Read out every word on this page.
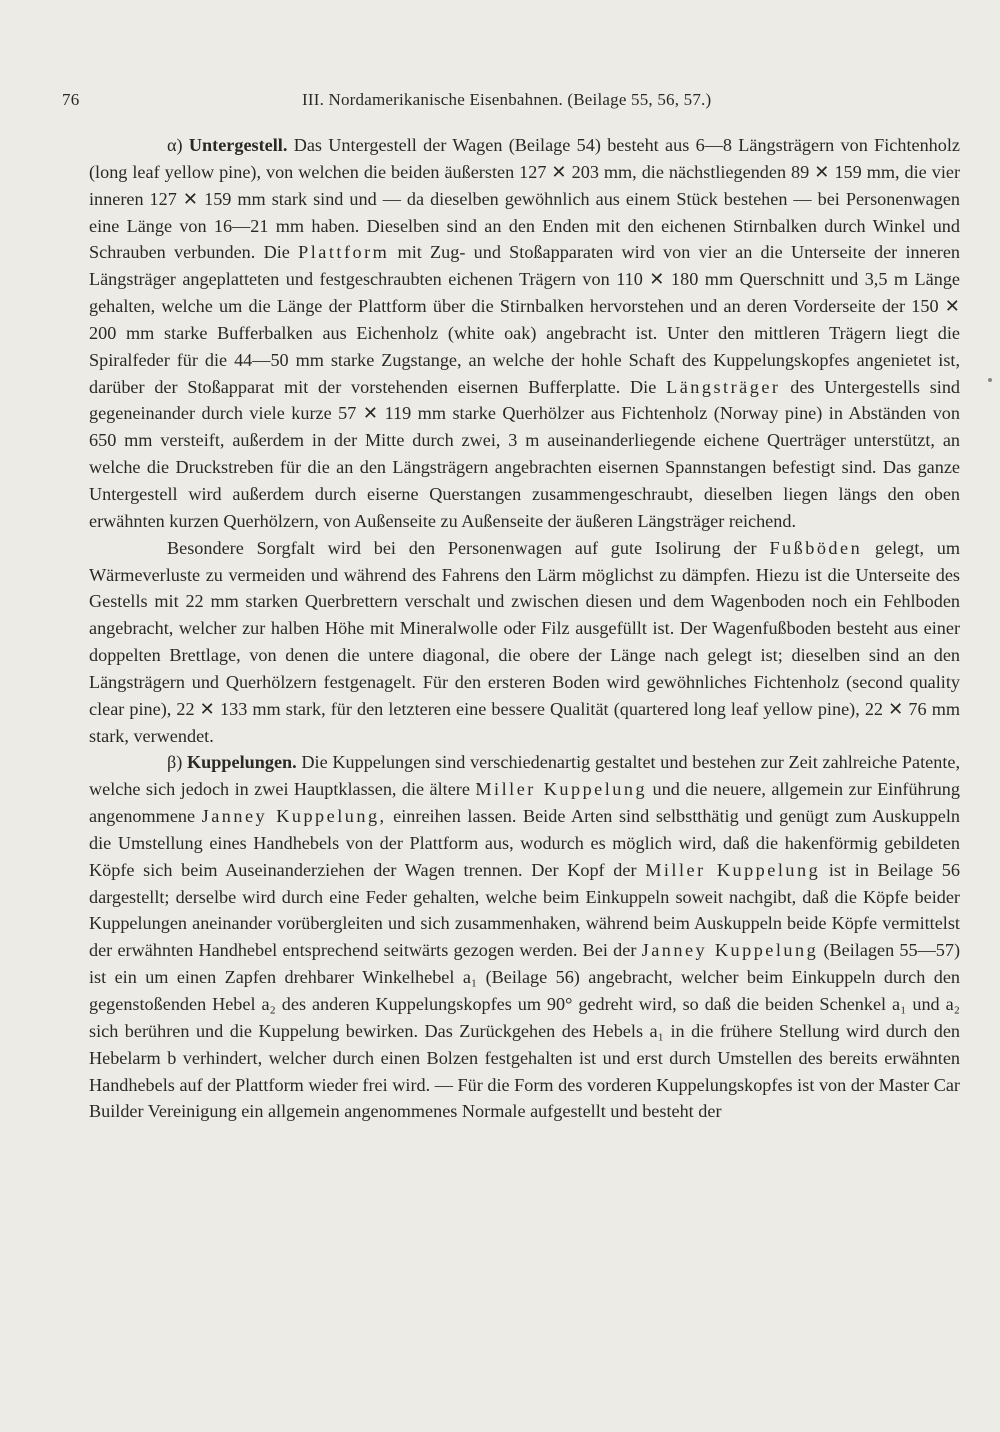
76	III. Nordamerikanische Eisenbahnen. (Beilage 55, 56, 57.)

α) Untergestell. Das Untergestell der Wagen (Beilage 54) besteht aus 6—8 Längsträgern von Fichtenholz (long leaf yellow pine), von welchen die beiden äußersten 127 ✕ 203 mm, die nächstliegenden 89 ✕ 159 mm, die vier inneren 127 ✕ 159 mm stark sind und — da dieselben gewöhnlich aus einem Stück bestehen — bei Personenwagen eine Länge von 16—21 mm haben. Dieselben sind an den Enden mit den eichenen Stirnbalken durch Winkel und Schrauben verbunden. Die Plattform mit Zug- und Stoßapparaten wird von vier an die Unterseite der inneren Längsträger angeplatteten und festgeschraubten eichenen Trägern von 110 ✕ 180 mm Querschnitt und 3,5 m Länge gehalten, welche um die Länge der Plattform über die Stirnbalken hervorstehen und an deren Vorderseite der 150 ✕ 200 mm starke Bufferbalken aus Eichenholz (white oak) angebracht ist. Unter den mittleren Trägern liegt die Spiralfeder für die 44—50 mm starke Zugstange, an welche der hohle Schaft des Kuppelungskopfes angenietet ist, darüber der Stoßapparat mit der vorstehenden eisernen Bufferplatte. Die Längsträger des Untergestells sind gegeneinander durch viele kurze 57 ✕ 119 mm starke Querhölzer aus Fichtenholz (Norway pine) in Abständen von 650 mm versteift, außerdem in der Mitte durch zwei, 3 m auseinanderliegende eichene Querträger unterstützt, an welche die Druckstreben für die an den Längsträgern angebrachten eisernen Spannstangen befestigt sind. Das ganze Untergestell wird außerdem durch eiserne Querstangen zusammengeschraubt, dieselben liegen längs den oben erwähnten kurzen Querhölzern, von Außenseite zu Außenseite der äußeren Längsträger reichend.

Besondere Sorgfalt wird bei den Personenwagen auf gute Isolirung der Fußböden gelegt, um Wärmeverluste zu vermeiden und während des Fahrens den Lärm möglichst zu dämpfen. Hiezu ist die Unterseite des Gestells mit 22 mm starken Querbrettern verschalt und zwischen diesen und dem Wagenboden noch ein Fehlboden angebracht, welcher zur halben Höhe mit Mineralwolle oder Filz ausgefüllt ist. Der Wagenfußboden besteht aus einer doppelten Brettlage, von denen die untere diagonal, die obere der Länge nach gelegt ist; dieselben sind an den Längsträgern und Querhölzern festgenagelt. Für den ersteren Boden wird gewöhnliches Fichtenholz (second quality clear pine), 22 ✕ 133 mm stark, für den letzteren eine bessere Qualität (quartered long leaf yellow pine), 22 ✕ 76 mm stark, verwendet.

β) Kuppelungen. Die Kuppelungen sind verschiedenartig gestaltet und bestehen zur Zeit zahlreiche Patente, welche sich jedoch in zwei Hauptklassen, die ältere Miller Kuppelung und die neuere, allgemein zur Einführung angenommene Janney Kuppelung, einreihen lassen. Beide Arten sind selbstthätig und genügt zum Auskuppeln die Umstellung eines Handhebels von der Plattform aus, wodurch es möglich wird, daß die hakenförmig gebildeten Köpfe sich beim Auseinanderziehen der Wagen trennen. Der Kopf der Miller Kuppelung ist in Beilage 56 dargestellt; derselbe wird durch eine Feder gehalten, welche beim Einkuppeln soweit nachgibt, daß die Köpfe beider Kuppelungen aneinander vorübergleiten und sich zusammenhaken, während beim Auskuppeln beide Köpfe vermittelst der erwähnten Handhebel entsprechend seitwärts gezogen werden. Bei der Janney Kuppelung (Beilagen 55—57) ist ein um einen Zapfen drehbarer Winkelhebel a₁ (Beilage 56) angebracht, welcher beim Einkuppeln durch den gegenstoßenden Hebel a₂ des anderen Kuppelungskopfes um 90° gedreht wird, so daß die beiden Schenkel a₁ und a₂ sich berühren und die Kuppelung bewirken. Das Zurückgehen des Hebels a₁ in die frühere Stellung wird durch den Hebelarm b verhindert, welcher durch einen Bolzen festgehalten ist und erst durch Umstellen des bereits erwähnten Handhebels auf der Plattform wieder frei wird. — Für die Form des vorderen Kuppelungskopfes ist von der Master Car Builder Vereinigung ein allgemein angenommenes Normale aufgestellt und besteht der
